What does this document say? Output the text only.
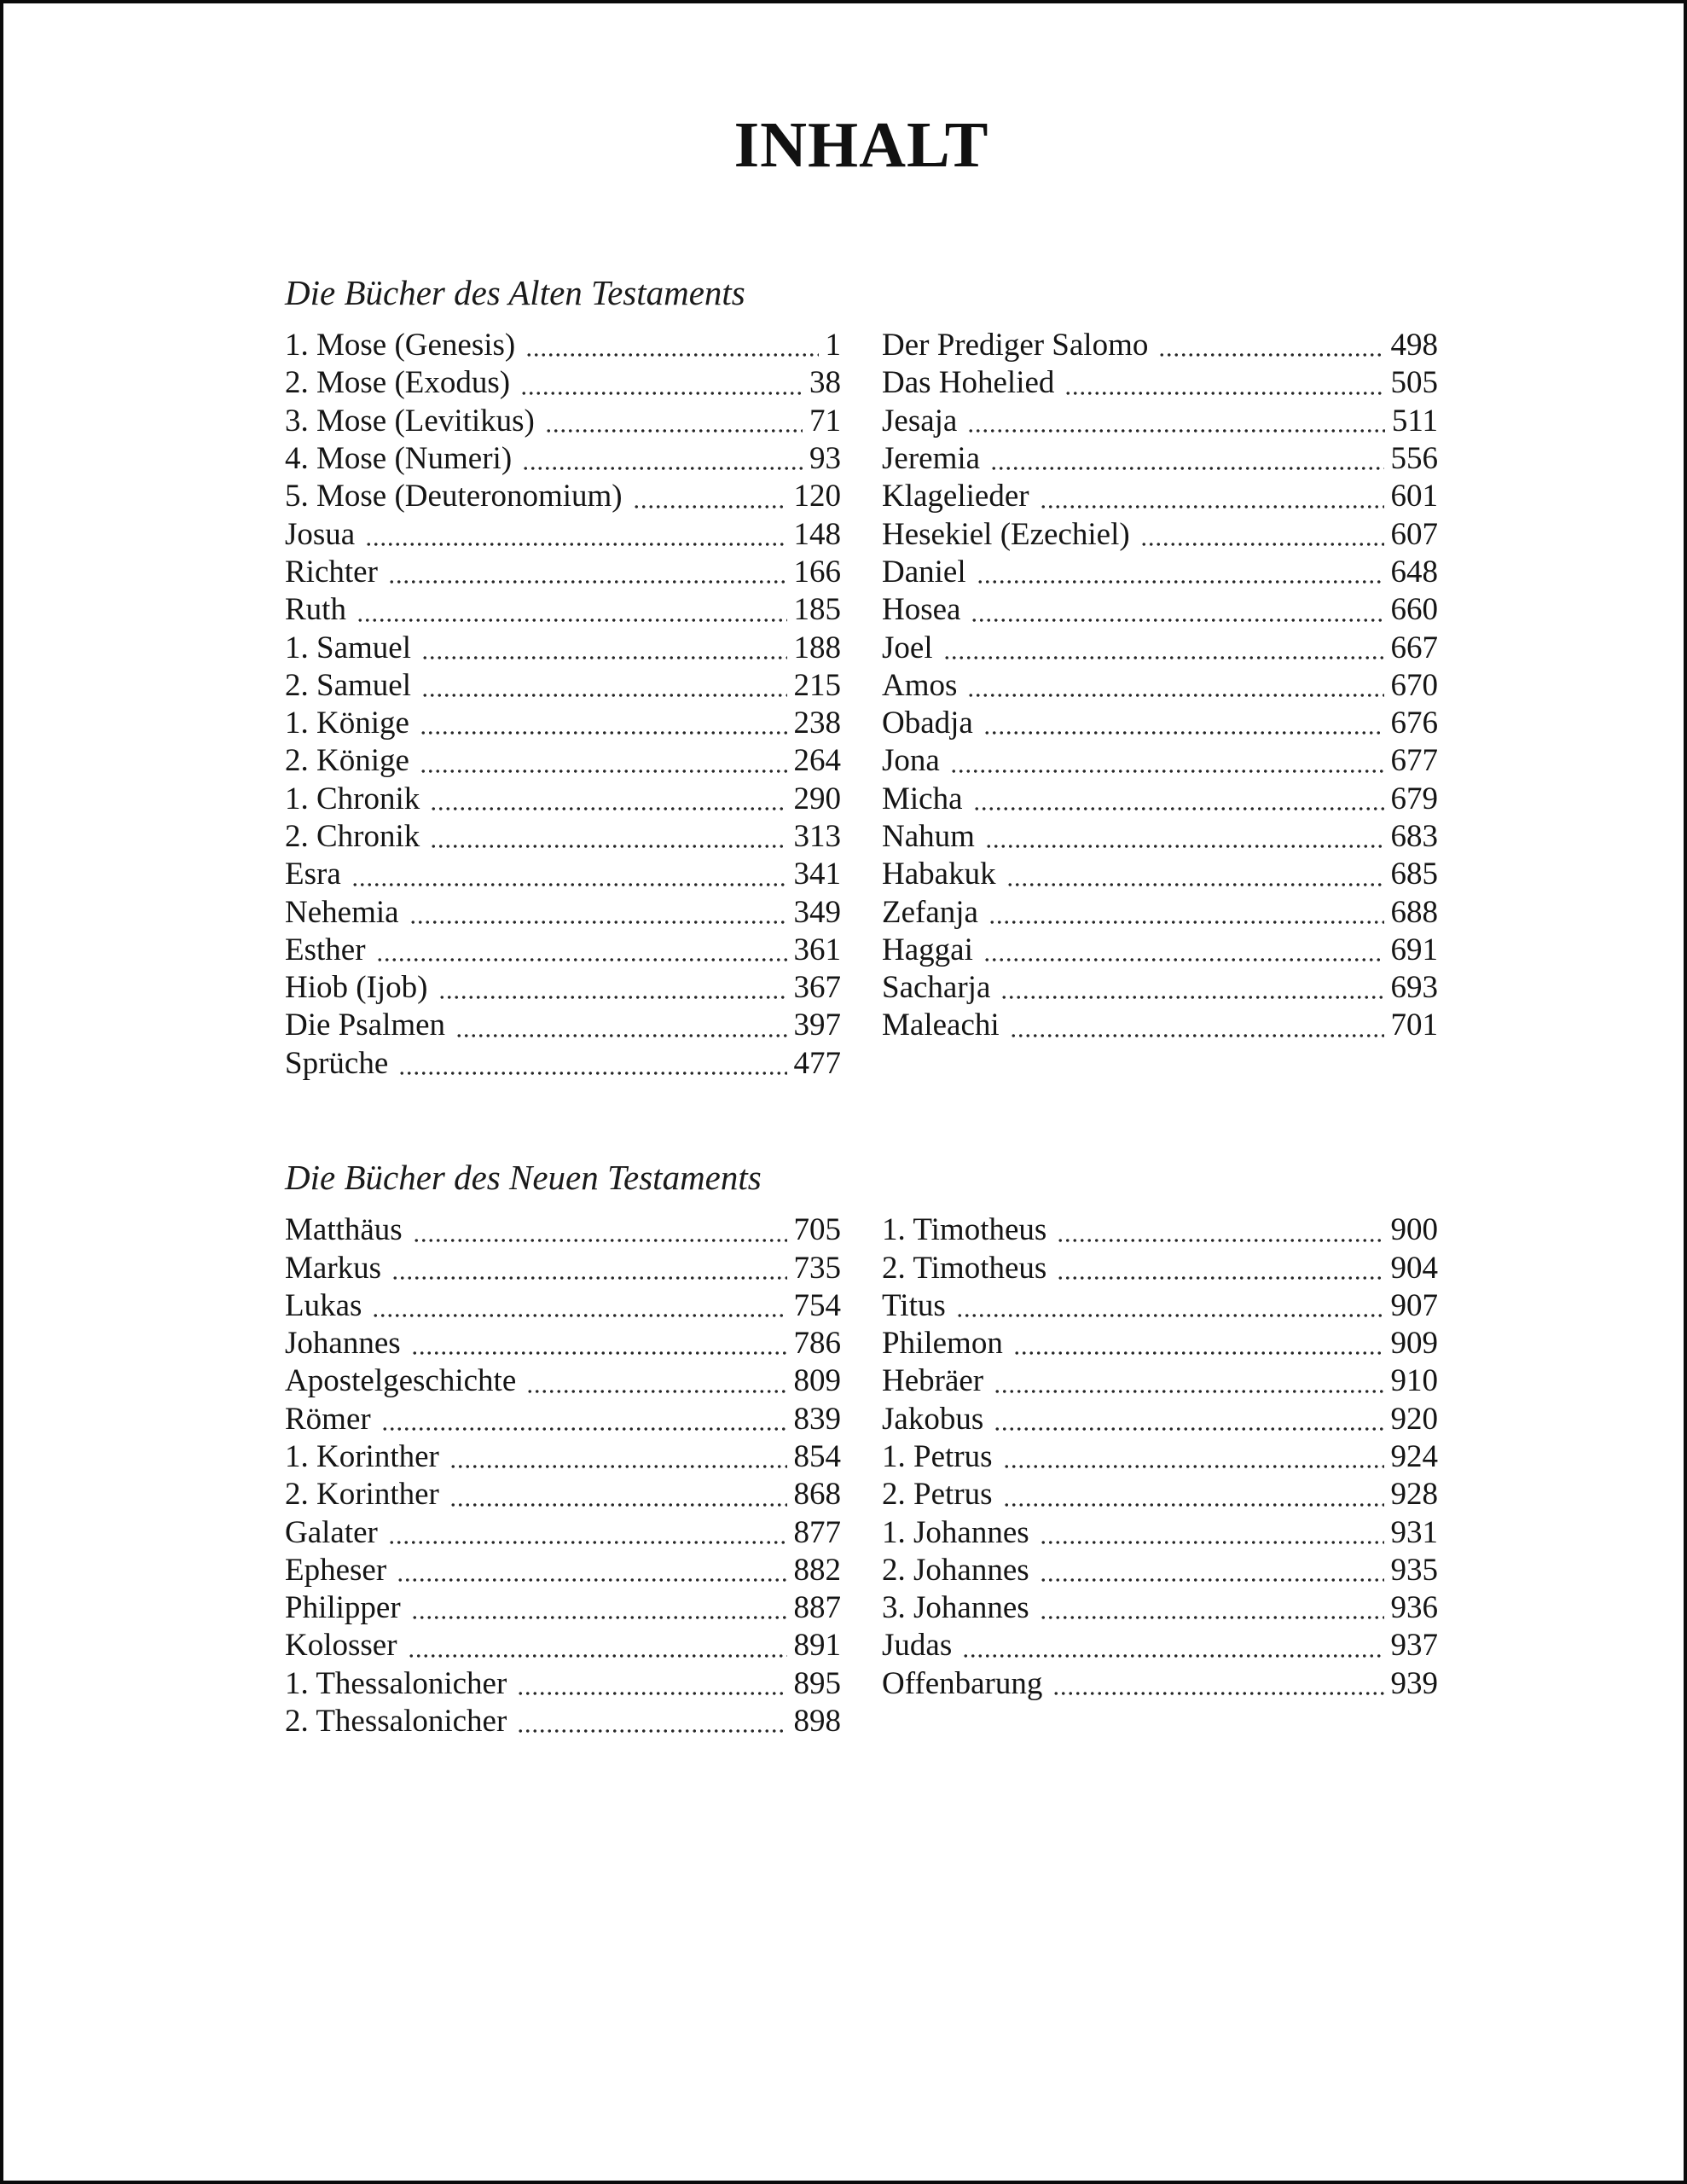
INHALT
Die Bücher des Alten Testaments
1. Mose (Genesis)	1
2. Mose (Exodus)	38
3. Mose (Levitikus)	71
4. Mose (Numeri)	93
5. Mose (Deuteronomium)	120
Josua	148
Richter	166
Ruth	185
1. Samuel	188
2. Samuel	215
1. Könige	238
2. Könige	264
1. Chronik	290
2. Chronik	313
Esra	341
Nehemia	349
Esther	361
Hiob (Ijob)	367
Die Psalmen	397
Sprüche	477
Der Prediger Salomo	498
Das Hohelied	505
Jesaja	511
Jeremia	556
Klagelieder	601
Hesekiel (Ezechiel)	607
Daniel	648
Hosea	660
Joel	667
Amos	670
Obadja	676
Jona	677
Micha	679
Nahum	683
Habakuk	685
Zefanja	688
Haggai	691
Sacharja	693
Maleachi	701
Die Bücher des Neuen Testaments
Matthäus	705
Markus	735
Lukas	754
Johannes	786
Apostelgeschichte	809
Römer	839
1. Korinther	854
2. Korinther	868
Galater	877
Epheser	882
Philipper	887
Kolosser	891
1. Thessalonicher	895
2. Thessalonicher	898
1. Timotheus	900
2. Timotheus	904
Titus	907
Philemon	909
Hebräer	910
Jakobus	920
1. Petrus	924
2. Petrus	928
1. Johannes	931
2. Johannes	935
3. Johannes	936
Judas	937
Offenbarung	939
